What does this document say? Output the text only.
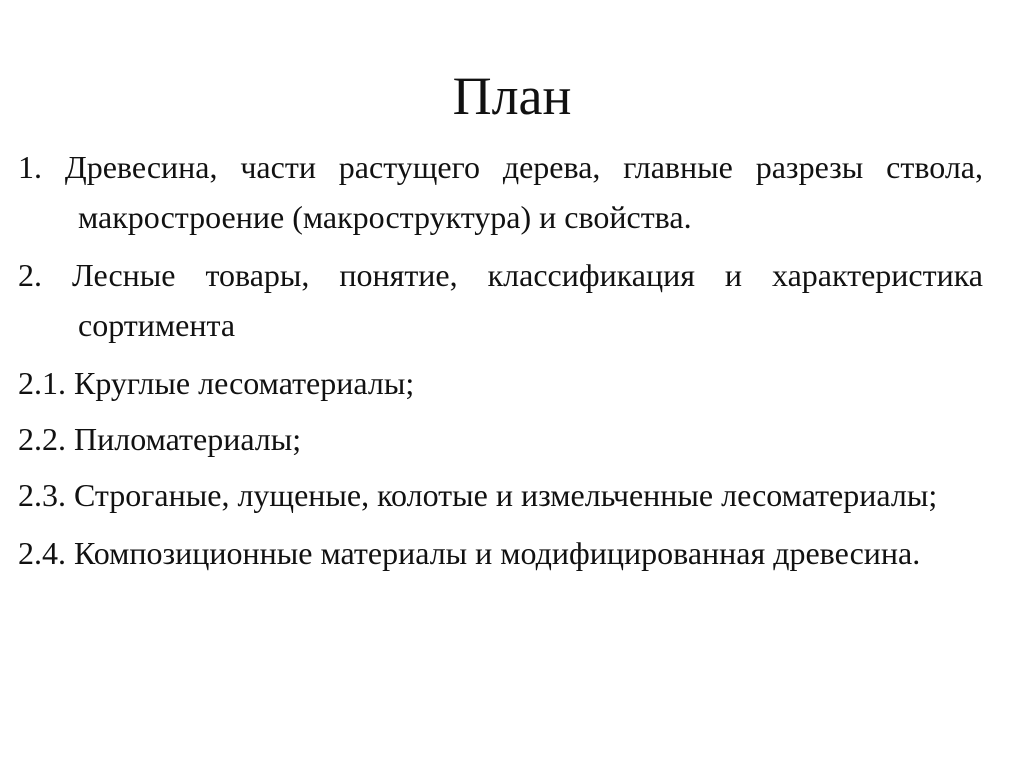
План
1. Древесина, части растущего дерева, главные разрезы ствола, макростроение (макроструктура) и свойства.
2. Лесные товары, понятие, классификация и характеристика сортимента
2.1. Круглые лесоматериалы;
2.2. Пиломатериалы;
2.3. Строганые, лущеные, колотые и измельченные лесоматериалы;
2.4. Композиционные материалы и модифицированная древесина.
